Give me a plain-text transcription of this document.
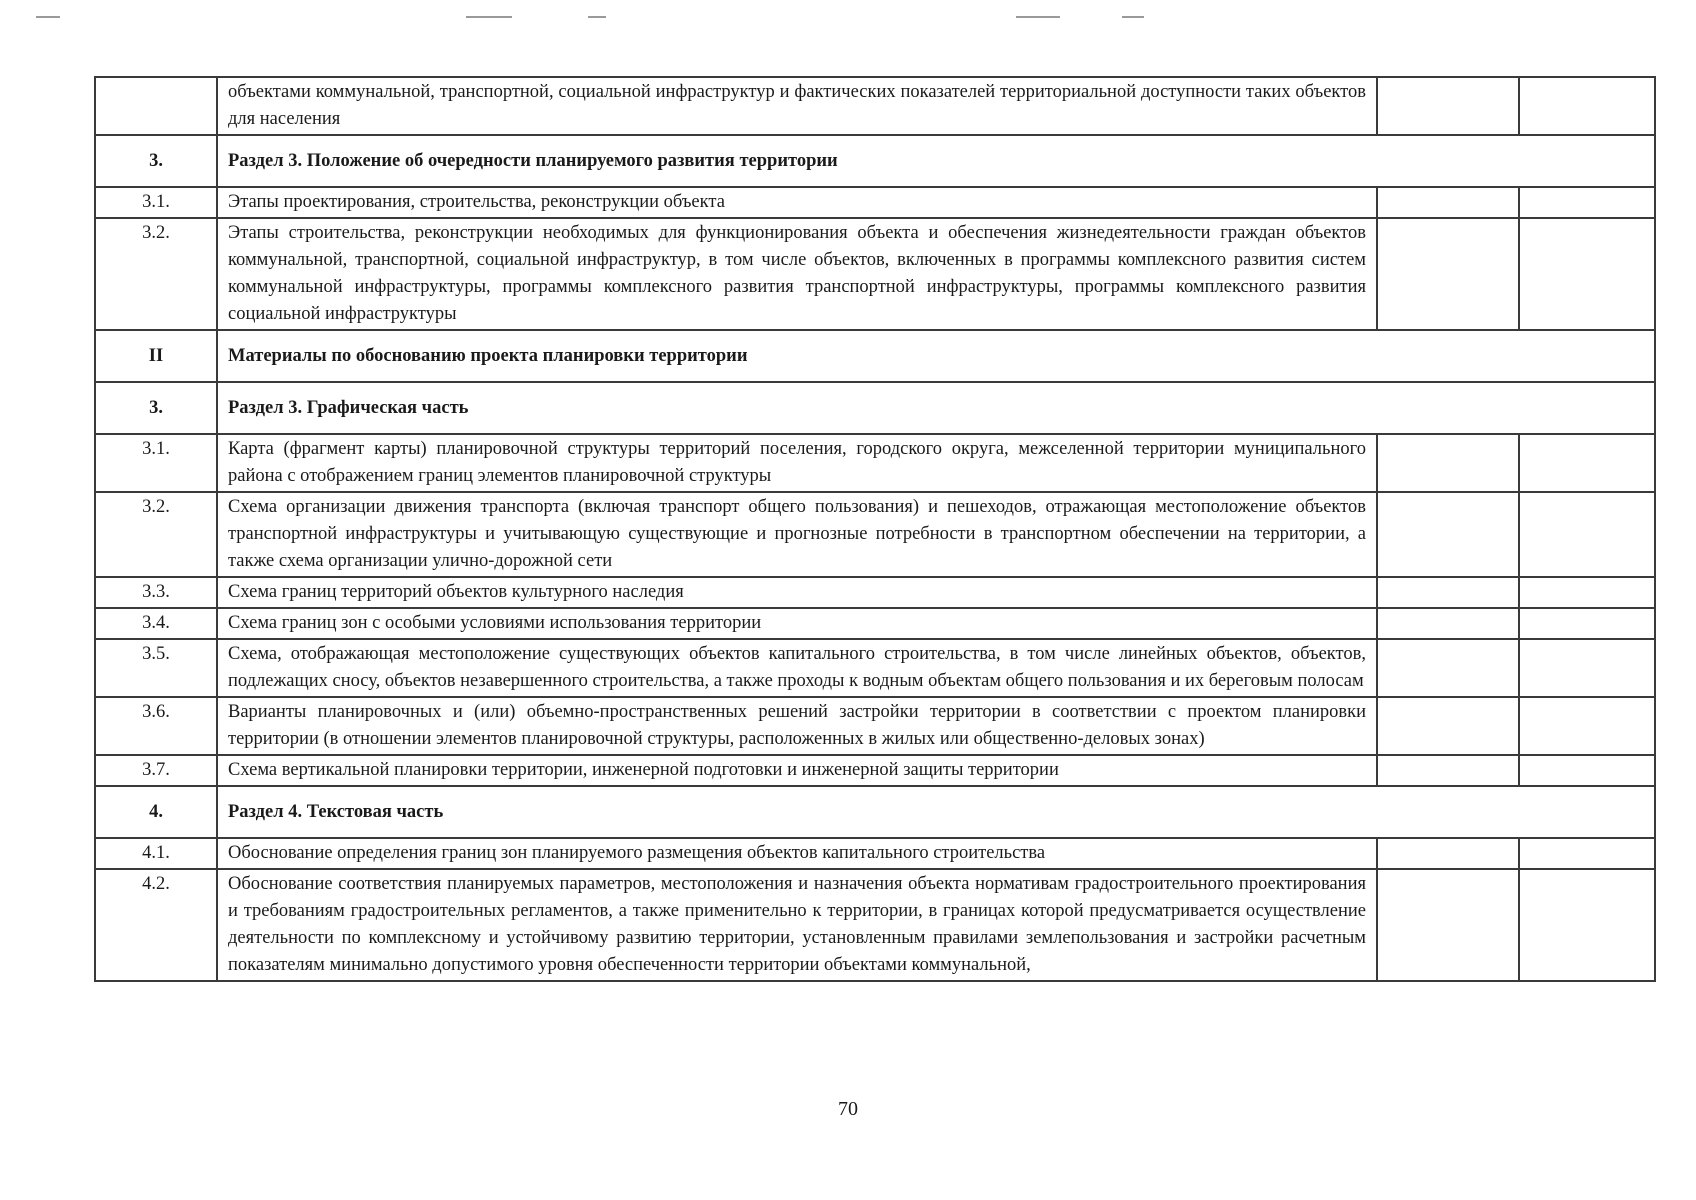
	объектами коммунальной, транспортной, социальной инфраструктур и фактических показателей территориальной доступности таких объектов для населения		
3.	Раздел 3. Положение об очередности планируемого развития территории		
3.1.	Этапы проектирования, строительства, реконструкции объекта		
3.2.	Этапы строительства, реконструкции необходимых для функционирования объекта и обеспечения жизнедеятельности граждан объектов коммунальной, транспортной, социальной инфраструктур, в том числе объектов, включенных в программы комплексного развития систем коммунальной инфраструктуры, программы комплексного развития транспортной инфраструктуры, программы комплексного развития социальной инфраструктуры		
II	Материалы по обоснованию проекта планировки территории		
3.	Раздел 3. Графическая часть		
3.1.	Карта (фрагмент карты) планировочной структуры территорий поселения, городского округа, межселенной территории муниципального района с отображением границ элементов планировочной структуры		
3.2.	Схема организации движения транспорта (включая транспорт общего пользования) и пешеходов, отражающая местоположение объектов транспортной инфраструктуры и учитывающую существующие и прогнозные потребности в транспортном обеспечении на территории, а также схема организации улично-дорожной сети		
3.3.	Схема границ территорий объектов культурного наследия		
3.4.	Схема границ зон с особыми условиями использования территории		
3.5.	Схема, отображающая местоположение существующих объектов капитального строительства, в том числе линейных объектов, объектов, подлежащих сносу, объектов незавершенного строительства, а также проходы к водным объектам общего пользования и их береговым полосам		
3.6.	Варианты планировочных и (или) объемно-пространственных решений застройки территории в соответствии с проектом планировки территории (в отношении элементов планировочной структуры, расположенных в жилых или общественно-деловых зонах)		
3.7.	Схема вертикальной планировки территории, инженерной подготовки и инженерной защиты территории		
4.	Раздел 4. Текстовая часть		
4.1.	Обоснование определения границ зон планируемого размещения объектов капитального строительства		
4.2.	Обоснование соответствия планируемых параметров, местоположения и назначения объекта нормативам градостроительного проектирования и требованиям градостроительных регламентов, а также применительно к территории, в границах которой предусматривается осуществление деятельности по комплексному и устойчивому развитию территории, установленным правилами землепользования и застройки расчетным показателям минимально допустимого уровня обеспеченности территории объектами коммунальной,		
70
